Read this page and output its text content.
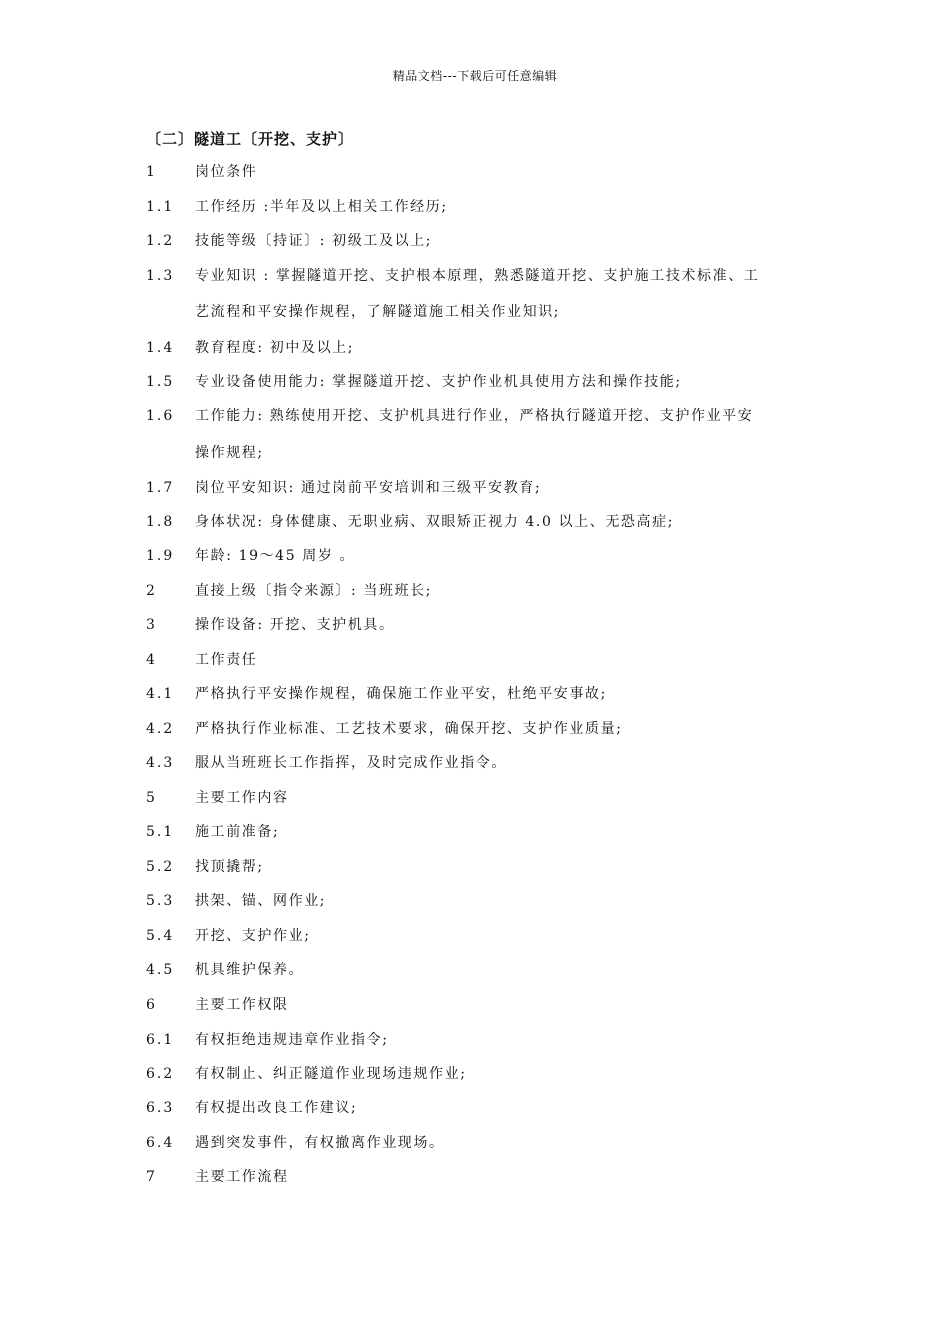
精品文档---下载后可任意编辑
〔二〕隧道工〔开挖、支护〕
1	岗位条件
1.1	工作经历 :半年及以上相关工作经历;
1.2	技能等级〔持证〕: 初级工及以上;
1.3	专业知识 : 掌握隧道开挖、支护根本原理，熟悉隧道开挖、支护施工技术标准、工
艺流程和平安操作规程，了解隧道施工相关作业知识;
1.4	教育程度: 初中及以上;
1.5	专业设备使用能力: 掌握隧道开挖、支护作业机具使用方法和操作技能;
1.6	工作能力: 熟练使用开挖、支护机具进行作业，严格执行隧道开挖、支护作业平安
操作规程;
1.7	岗位平安知识: 通过岗前平安培训和三级平安教育;
1.8	身体状况: 身体健康、无职业病、双眼矫正视力 4.0 以上、无恐高症;
1.9	年龄: 19～45 周岁 。
2	直接上级〔指令来源〕: 当班班长;
3	操作设备: 开挖、支护机具。
4	工作责任
4.1	严格执行平安操作规程，确保施工作业平安，杜绝平安事故;
4.2	严格执行作业标准、工艺技术要求，确保开挖、支护作业质量;
4.3	服从当班班长工作指挥，及时完成作业指令。
5	主要工作内容
5.1	施工前准备;
5.2	找顶撬帮;
5.3	拱架、锚、网作业;
5.4	开挖、支护作业;
4.5	机具维护保养。
6	主要工作权限
6.1	有权拒绝违规违章作业指令;
6.2	有权制止、纠正隧道作业现场违规作业;
6.3	有权提出改良工作建议;
6.4	遇到突发事件，有权撤离作业现场。
7	主要工作流程
